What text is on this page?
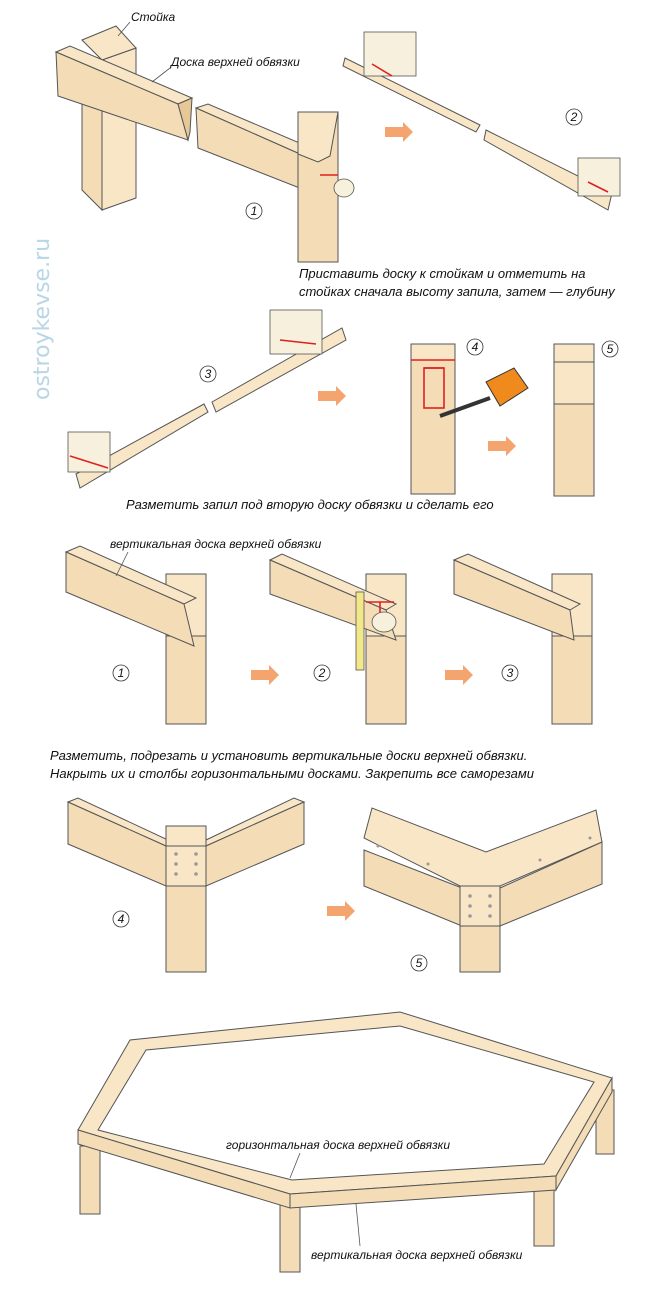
ostroykevse.ru
Стойка
Доска верхней обвязки
1
2
Приставить доску к стойкам и отметить на
стойках сначала высоту запила, затем — глубину
3
4	5
Разметить запил под вторую доску обвязки и сделать его
вертикальная доска верхней обвязки
1	2	3
Разметить, подрезать и установить вертикальные доски верхней обвязки.
Накрыть их и столбы горизонтальными досками. Закрепить все саморезами
4
5
горизонтальная доска верхней обвязки
вертикальная доска верхней обвязки
